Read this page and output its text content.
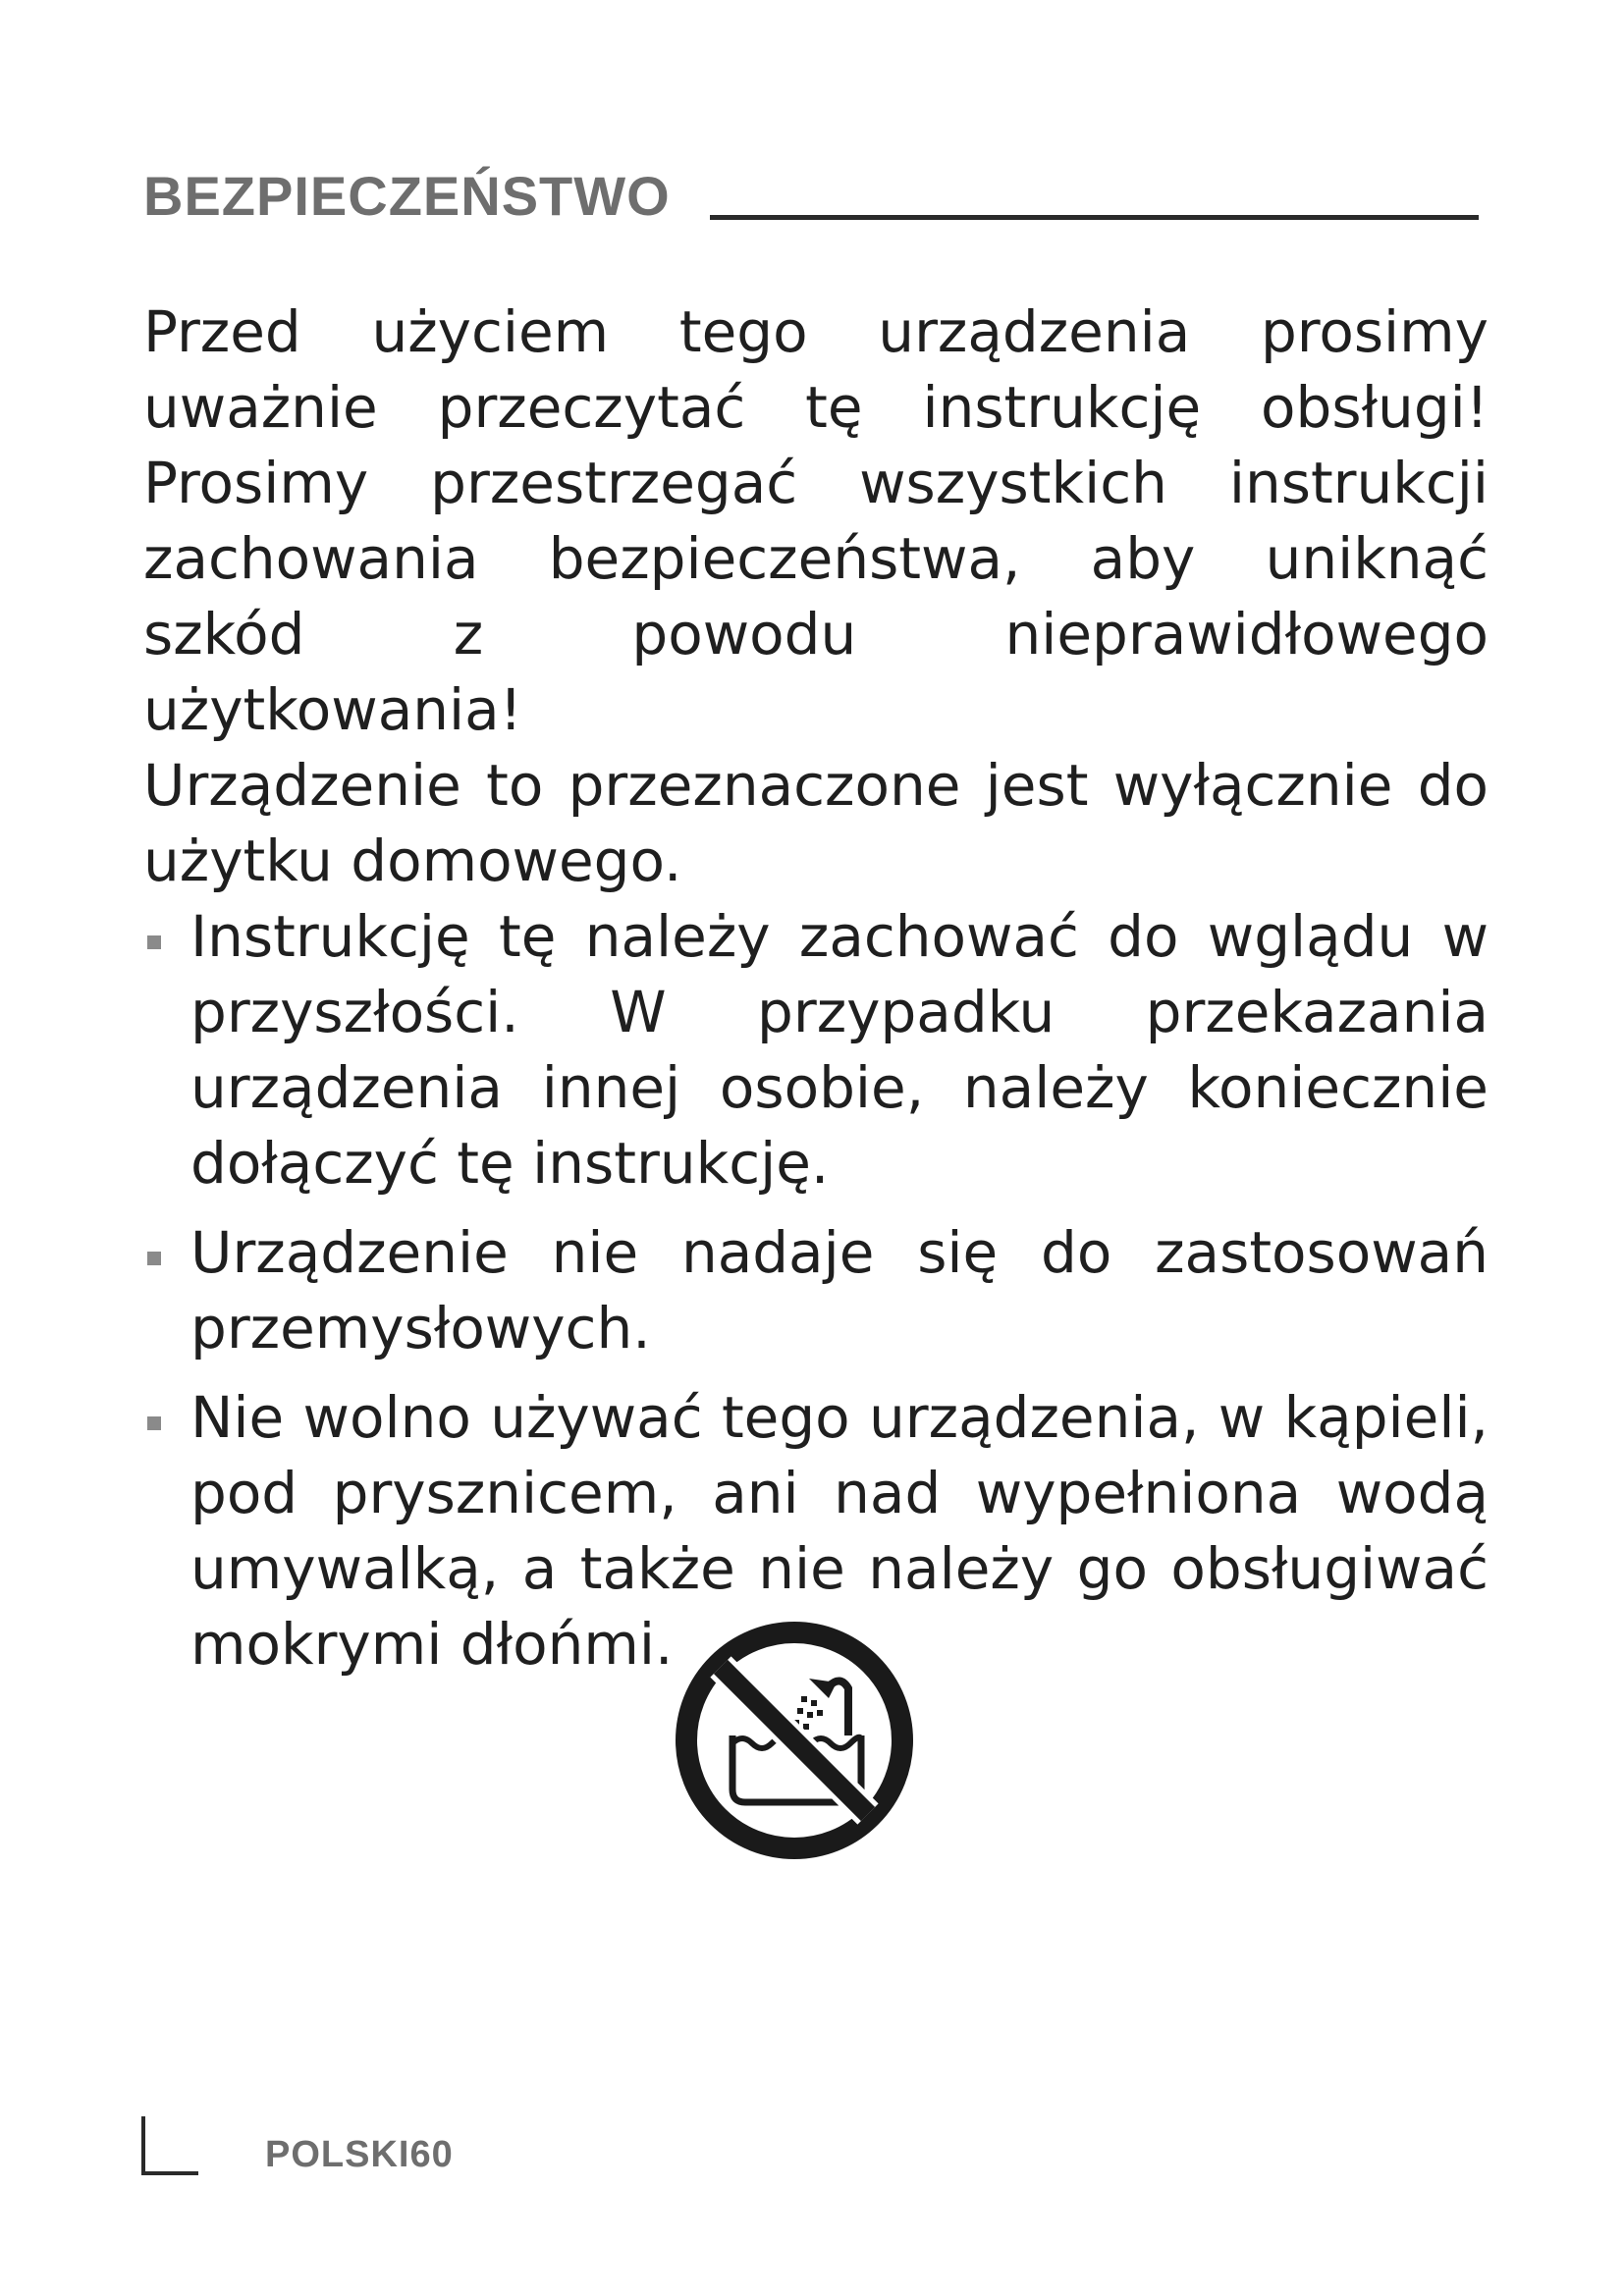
BEZPIECZEŃSTWO

Przed użyciem tego urządzenia prosimy uważnie przeczytać tę instrukcję obsługi! Prosimy przestrzegać wszystkich instrukcji zachowania bezpieczeństwa, aby uniknąć szkód z powodu nieprawidłowego użytkowania!

Urządzenie to przeznaczone jest wyłącznie do użytku domowego.

Instrukcję tę należy zachować do wglądu w przyszłości. W przypadku przekazania urządzenia innej osobie, należy koniecznie dołączyć tę instrukcję.
Urządzenie nie nadaje się do zastosowań przemysłowych.
Nie wolno używać tego urządzenia, w kąpieli, pod prysznicem, ani nad wypełniona wodą umywalką, a także nie należy go obsługiwać mokrymi dłońmi.
POLSKI60
